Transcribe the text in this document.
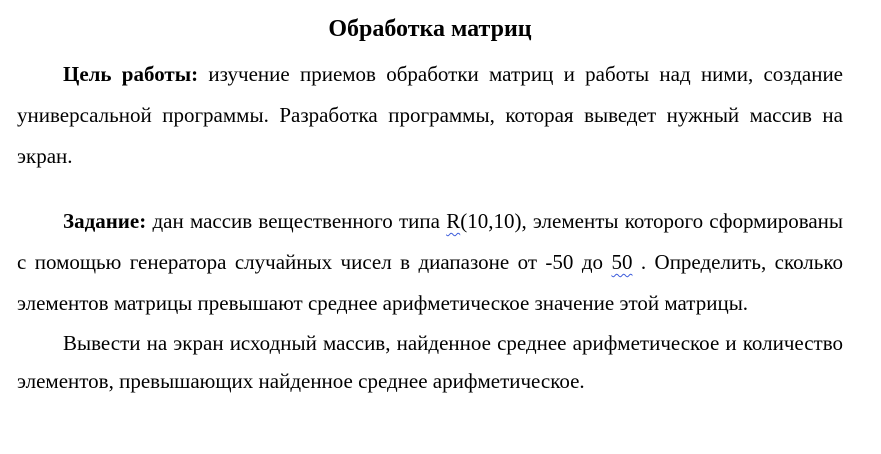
Обработка матриц

Цель работы: изучение приемов обработки матриц и работы над ними, создание универсальной программы. Разработка программы, которая выведет нужный массив на экран.

Задание: дан массив вещественного типа R(10,10), элементы которого сформированы с помощью генератора случайных чисел в диапазоне от -50 до 50 . Определить, сколько элементов матрицы превышают среднее арифметическое значение этой матрицы.

Вывести на экран исходный массив, найденное среднее арифметическое и количество элементов, превышающих найденное среднее арифметическое.
